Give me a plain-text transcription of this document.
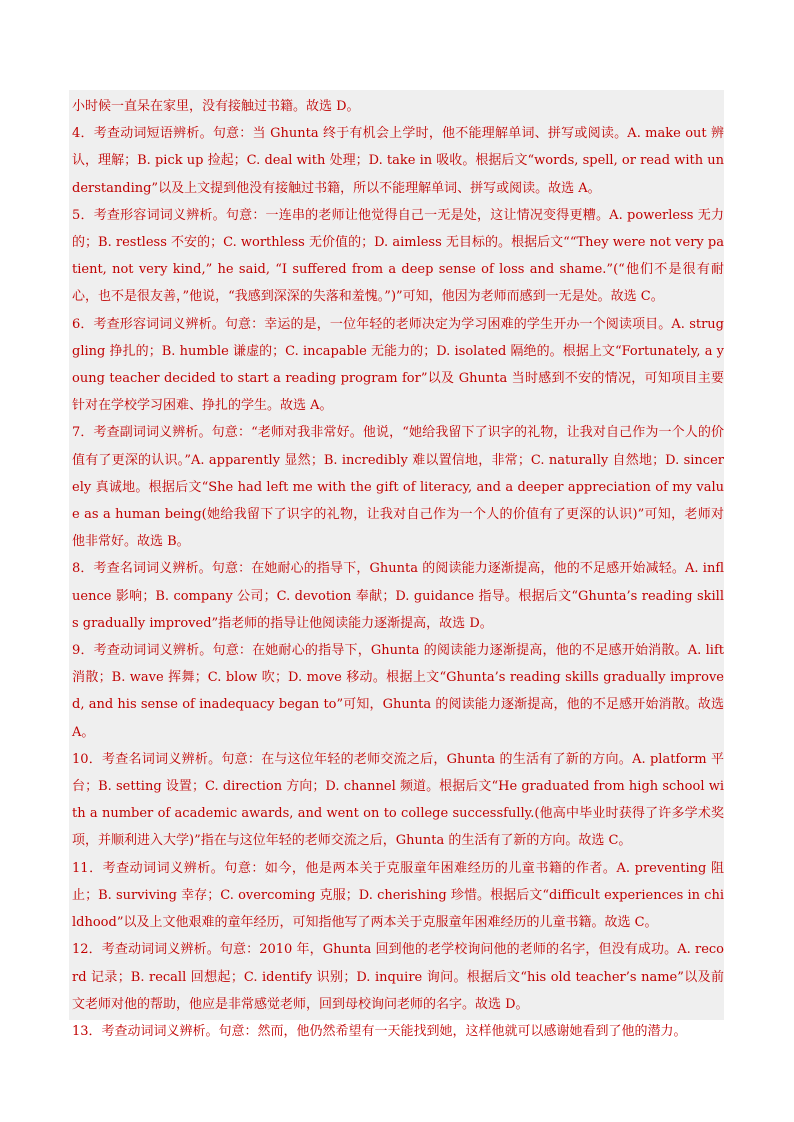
小时候一直呆在家里，没有接触过书籍。故选 D。

4．考查动词短语辨析。句意：当 Ghunta 终于有机会上学时，他不能理解单词、拼写或阅读。A. make out 辨认，理解；B. pick up 捡起；C. deal with 处理；D. take in 吸收。根据后文“words, spell, or read with understanding”以及上文提到他没有接触过书籍，所以不能理解单词、拼写或阅读。故选 A。

5．考查形容词词义辨析。句意：一连串的老师让他觉得自己一无是处，这让情况变得更糟。A. powerless 无力的；B. restless 不安的；C. worthless 无价值的；D. aimless 无目标的。根据后文““They were not very patient, not very kind,” he said, “I suffered from a deep sense of loss and shame.”(“他们不是很有耐心，也不是很友善，”他说，“我感到深深的失落和羞愧。”)”可知，他因为老师而感到一无是处。故选 C。

6．考查形容词词义辨析。句意：幸运的是，一位年轻的老师决定为学习困难的学生开办一个阅读项目。A. struggling 挣扎的；B. humble 谦虚的；C. incapable 无能力的；D. isolated 隔绝的。根据上文“Fortunately, a young teacher decided to start a reading program for”以及 Ghunta 当时感到不安的情况，可知项目主要针对在学校学习困难、挣扎的学生。故选 A。

7．考查副词词义辨析。句意：“老师对我非常好。他说，“她给我留下了识字的礼物，让我对自己作为一个人的价值有了更深的认识。”A. apparently 显然；B. incredibly 难以置信地，非常；C. naturally 自然地；D. sincerely 真诚地。根据后文“She had left me with the gift of literacy, and a deeper appreciation of my value as a human being(她给我留下了识字的礼物，让我对自己作为一个人的价值有了更深的认识)”可知，老师对他非常好。故选 B。

8．考查名词词义辨析。句意：在她耐心的指导下，Ghunta 的阅读能力逐渐提高，他的不足感开始减轻。A. influence 影响；B. company 公司；C. devotion 奉献；D. guidance 指导。根据后文“Ghunta’s reading skills gradually improved”指老师的指导让他阅读能力逐渐提高，故选 D。

9．考查动词词义辨析。句意：在她耐心的指导下，Ghunta 的阅读能力逐渐提高，他的不足感开始消散。A. lift 消散；B. wave 挥舞；C. blow 吹；D. move 移动。根据上文“Ghunta’s reading skills gradually improved, and his sense of inadequacy began to”可知，Ghunta 的阅读能力逐渐提高，他的不足感开始消散。故选 A。

10．考查名词词义辨析。句意：在与这位年轻的老师交流之后，Ghunta 的生活有了新的方向。A. platform 平台；B. setting 设置；C. direction 方向；D. channel 频道。根据后文“He graduated from high school with a number of academic awards, and went on to college successfully.(他高中毕业时获得了许多学术奖项，并顺利进入大学)”指在与这位年轻的老师交流之后，Ghunta 的生活有了新的方向。故选 C。

11．考查动词词义辨析。句意：如今，他是两本关于克服童年困难经历的儿童书籍的作者。A. preventing 阻止；B. surviving 幸存；C. overcoming 克服；D. cherishing 珍惜。根据后文“difficult experiences in childhood”以及上文他艰难的童年经历，可知指他写了两本关于克服童年困难经历的儿童书籍。故选 C。

12．考查动词词义辨析。句意：2010 年，Ghunta 回到他的老学校询问他的老师的名字，但没有成功。A. record 记录；B. recall 回想起；C. identify 识别；D. inquire 询问。根据后文“his old teacher’s name”以及前文老师对他的帮助，他应是非常感觉老师，回到母校询问老师的名字。故选 D。

13．考查动词词义辨析。句意：然而，他仍然希望有一天能找到她，这样他就可以感谢她看到了他的潜力。
